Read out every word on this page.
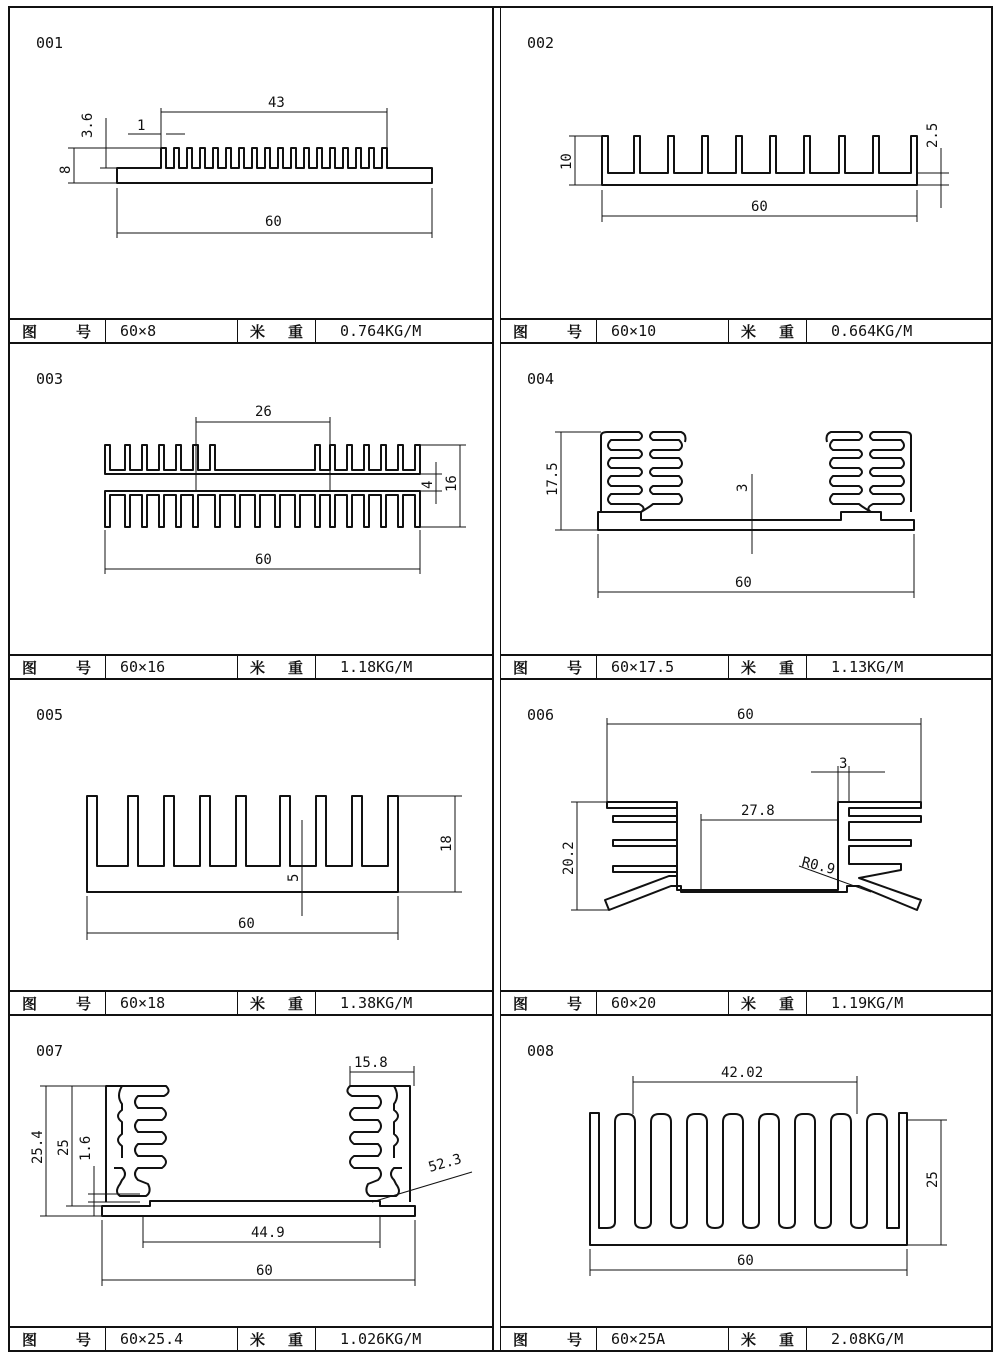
001
43
3.6	1
8
60
图	号	60×8	米 重	0.764KG/M
002
10
2.5
60
图	号	60×10	米 重	0.664KG/M
003
26
4 16
60
图	号	60×16	米 重	1.18KG/M
004
17.5	3
60
图	号	60×17.5	米 重	1.13KG/M
005
18
5
60
图	号	60×18	米 重	1.38KG/M
006	60
3
27.8
20.2	R0.9
图	号	60×20	米 重	1.19KG/M
007
15.8
25.4 25 1.6
52.3
44.9
60
图	号	60×25.4	米 重	1.026KG/M
008
42.02
25
60
图	号	60×25A	米 重	2.08KG/M
